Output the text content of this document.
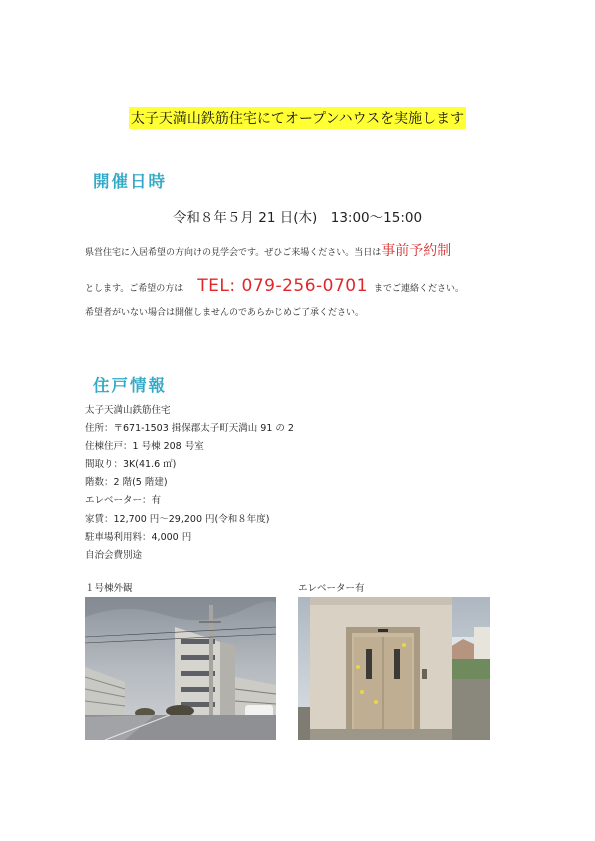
太子天満山鉄筋住宅にてオープンハウスを実施します
開催日時
令和８年５月 21 日(木)　13:00～15:00
県営住宅に入居希望の方向けの見学会です。ぜひご来場ください。当日は事前予約制
とします。ご希望の方は TEL: 079-256-0701 までご連絡ください。
希望者がいない場合は開催しませんのであらかじめご了承ください。
住戸情報
太子天満山鉄筋住宅
住所：〒671-1503 揖保郡太子町天満山 91 の 2
住棟住戸：1 号棟 208 号室
間取り：3K(41.6 ㎡)
階数：2 階(5 階建)
エレベーター：有
家賃：12,700 円～29,200 円(令和８年度)
駐車場利用料：4,000 円
自治会費別途
１号棟外観	エレベーター有
